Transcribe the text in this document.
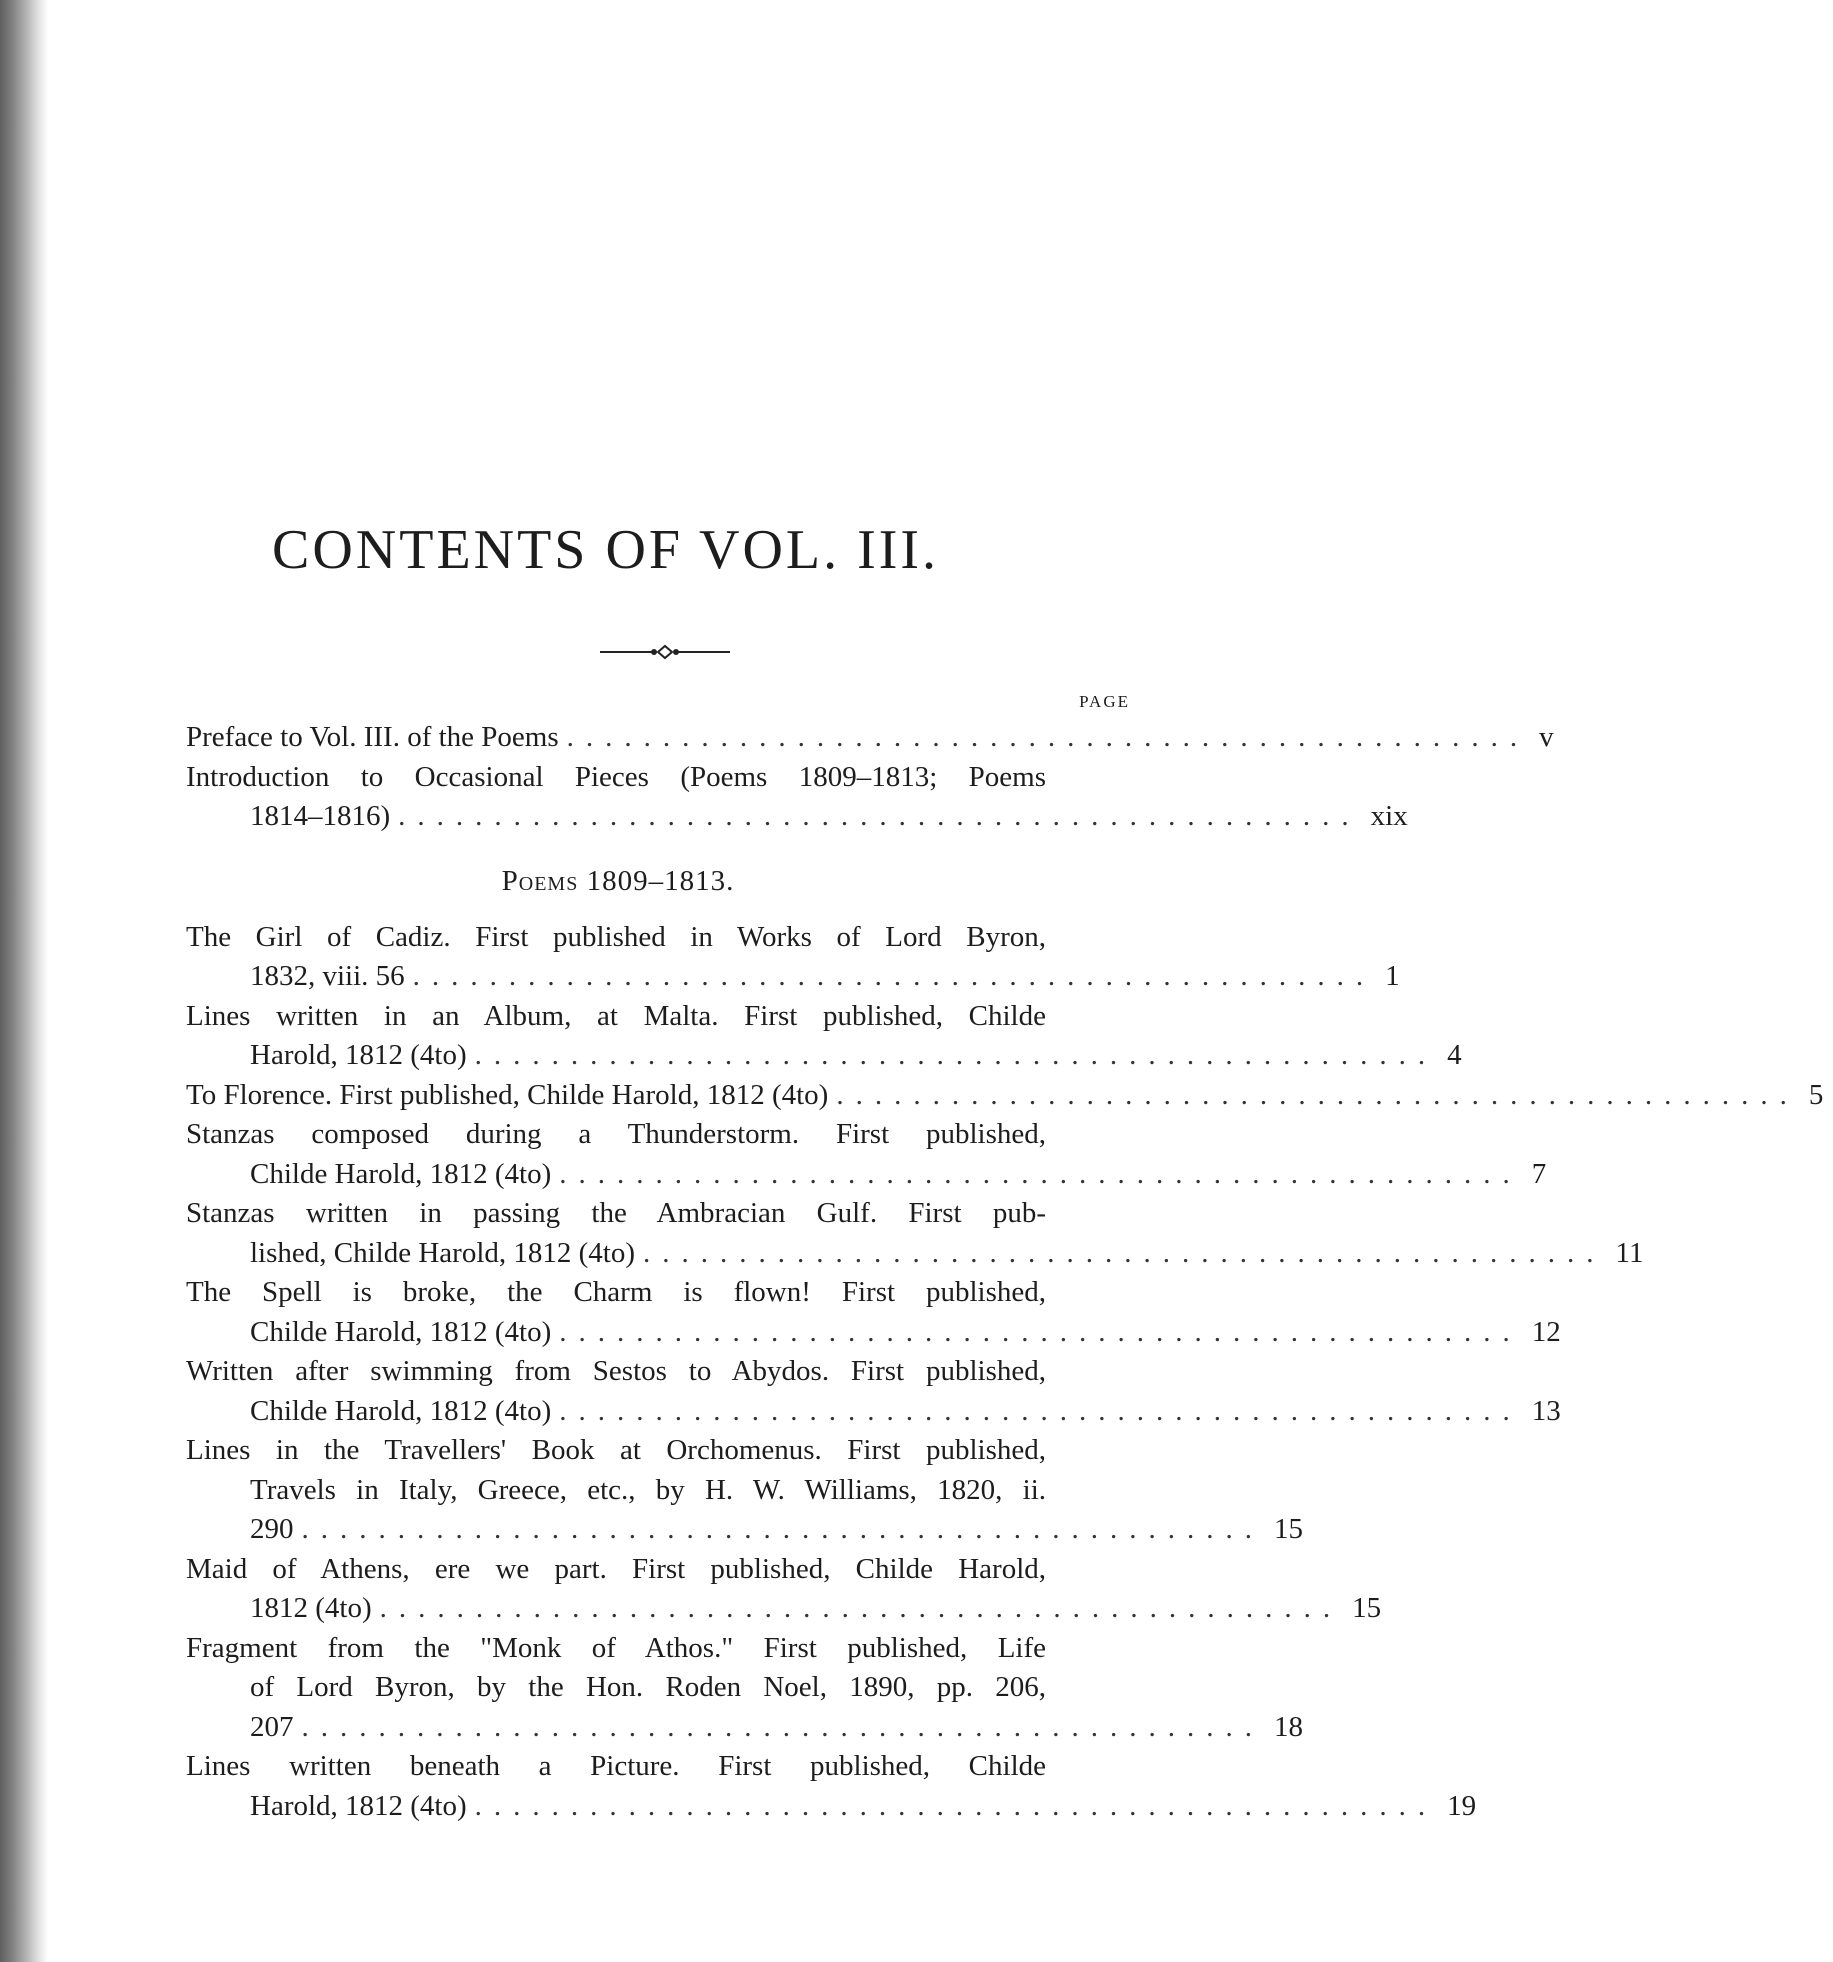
CONTENTS OF VOL. III.
PAGE
Preface to Vol. III. of the Poems .................................................. v
Introduction to Occasional Pieces (Poems 1809–1813; Poems
1814–1816) .................................................. xix
Poems 1809–1813.
The Girl of Cadiz. First published in Works of Lord Byron,
1832, viii. 56 .................................................. 1
Lines written in an Album, at Malta. First published, Childe
Harold, 1812 (4to) .................................................. 4
To Florence. First published, Childe Harold, 1812 (4to) .................................................. 5
Stanzas composed during a Thunderstorm. First published,
Childe Harold, 1812 (4to) .................................................. 7
Stanzas written in passing the Ambracian Gulf. First pub-
lished, Childe Harold, 1812 (4to) .................................................. 11
The Spell is broke, the Charm is flown! First published,
Childe Harold, 1812 (4to) .................................................. 12
Written after swimming from Sestos to Abydos. First published,
Childe Harold, 1812 (4to) .................................................. 13
Lines in the Travellers' Book at Orchomenus. First published,
Travels in Italy, Greece, etc., by H. W. Williams, 1820, ii.
290 .................................................. 15
Maid of Athens, ere we part. First published, Childe Harold,
1812 (4to) .................................................. 15
Fragment from the "Monk of Athos." First published, Life
of Lord Byron, by the Hon. Roden Noel, 1890, pp. 206,
207 .................................................. 18
Lines written beneath a Picture. First published, Childe
Harold, 1812 (4to) .................................................. 19
